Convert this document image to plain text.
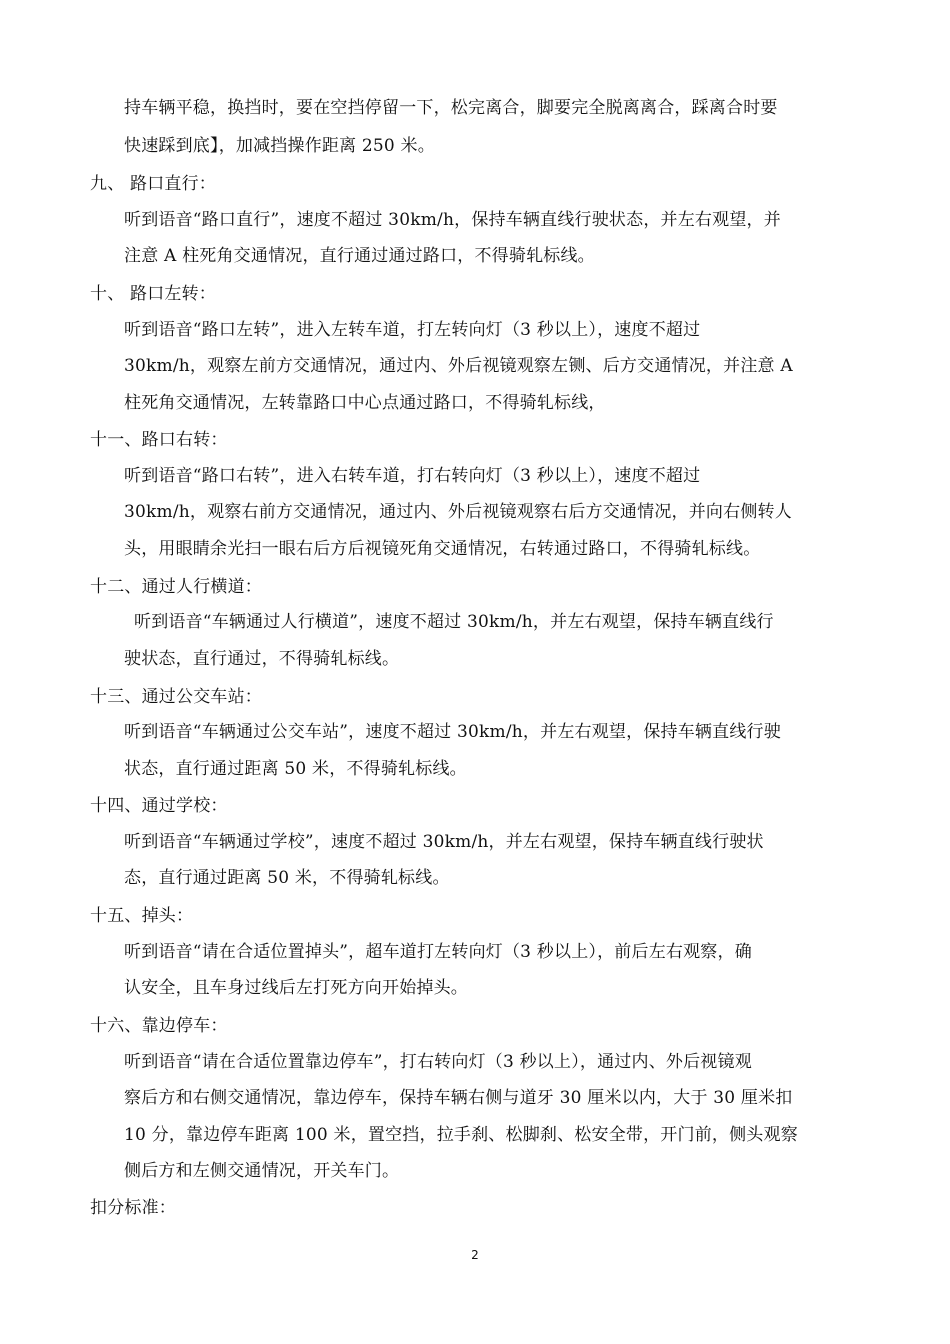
持车辆平稳，换挡时，要在空挡停留一下，松完离合，脚要完全脱离离合，踩离合时要
快速踩到底】，加减挡操作距离 250 米。
九、 路口直行：
听到语音“路口直行”，速度不超过 30km/h，保持车辆直线行驶状态，并左右观望，并
注意 A 柱死角交通情况，直行通过通过路口，不得骑轧标线。
十、 路口左转：
听到语音“路口左转”，进入左转车道，打左转向灯（3 秒以上），速度不超过
30km/h，观察左前方交通情况，通过内、外后视镜观察左铡、后方交通情况，并注意 A
柱死角交通情况，左转靠路口中心点通过路口，不得骑轧标线，
十一、路口右转：
听到语音“路口右转”，进入右转车道，打右转向灯（3 秒以上），速度不超过
30km/h，观察右前方交通情况，通过内、外后视镜观察右后方交通情况，并向右侧转人
头，用眼睛余光扫一眼右后方后视镜死角交通情况，右转通过路口，不得骑轧标线。
十二、通过人行横道：
听到语音“车辆通过人行横道”，速度不超过 30km/h，并左右观望，保持车辆直线行
驶状态，直行通过，不得骑轧标线。
十三、通过公交车站：
听到语音“车辆通过公交车站”，速度不超过 30km/h，并左右观望，保持车辆直线行驶
状态，直行通过距离 50 米，不得骑轧标线。
十四、通过学校：
听到语音“车辆通过学校”，速度不超过 30km/h，并左右观望，保持车辆直线行驶状
态，直行通过距离 50 米，不得骑轧标线。
十五、掉头：
听到语音“请在合适位置掉头”，超车道打左转向灯（3 秒以上），前后左右观察，确
认安全，且车身过线后左打死方向开始掉头。
十六、靠边停车：
听到语音“请在合适位置靠边停车”，打右转向灯（3 秒以上），通过内、外后视镜观
察后方和右侧交通情况，靠边停车，保持车辆右侧与道牙 30 厘米以内，大于 30 厘米扣
10 分，靠边停车距离 100 米，置空挡，拉手刹、松脚刹、松安全带，开门前，侧头观察
侧后方和左侧交通情况，开关车门。
扣分标准：
2
